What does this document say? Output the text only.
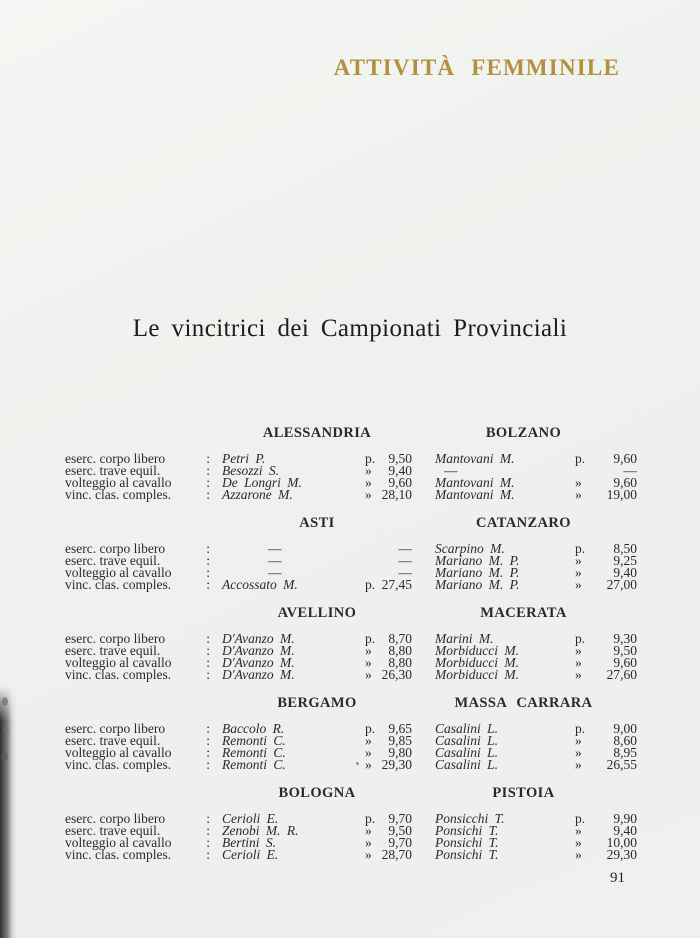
ATTIVITÀ FEMMINILE
Le vincitrici dei Campionati Provinciali
ALESSANDRIA	BOLZANO
eserc. corpo libero	: Petri P.	p. 9,50 Mantovani M.	p.	9,60
eserc. trave equil.	: Besozzi S.	»	9,40	—	—
volteggio al cavallo	: De Longri M.	»	9,60 Mantovani M.	»	9,60
vinc. clas. comples.	: Azzarone M.	» 28,10 Mantovani M.	»	19,00
ASTI	CATANZARO
eserc. corpo libero	:	—	— Scarpino M.	p.	8,50
eserc. trave equil.	:	—	— Mariano M. P.	»	9,25
volteggio al cavallo	:	—	— Mariano M. P.	»	9,40
vinc. clas. comples.	: Accossato M.	p. 27,45 Mariano M. P.	»	27,00
AVELLINO	MACERATA
eserc. corpo libero	: D'Avanzo M.	p. 8,70 Marini M.	p.	9,30
eserc. trave equil.	: D'Avanzo M.	»	8,80 Morbiducci M.	»	9,50
volteggio al cavallo	: D'Avanzo M.	»	8,80 Morbiducci M.	»	9,60
vinc. clas. comples.	: D'Avanzo M.	» 26,30 Morbiducci M.	»	27,60
BERGAMO	MASSA CARRARA
eserc. corpo libero	: Baccolo R.	p. 9,65 Casalini L.	p.	9,00
eserc. trave equil.	: Remonti C.	»	9,85 Casalini L.	»	8,60
volteggio al cavallo	: Remonti C.	»	9,80 Casalini L.	»	8,95
vinc. clas. comples.	: Remonti C.	» 29,30 Casalini L.	»	26,55
BOLOGNA	PISTOIA
eserc. corpo libero	: Cerioli E.	p. 9,70 Ponsicchi T.	p.	9,90
eserc. trave equil.	: Zenobi M. R.	»	9,50 Ponsichi T.	»	9,40
volteggio al cavallo	: Bertini S.	»	9,70 Ponsichi T.	»	10,00
vinc. clas. comples.	: Cerioli E.	» 28,70 Ponsichi T.	»	29,30
91
